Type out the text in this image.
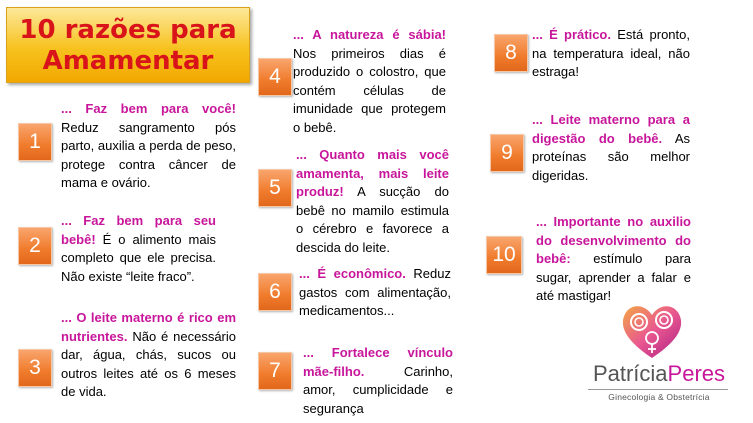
10 razões para
Amamentar
1

... Faz bem para você! Reduz sangramento pós parto, auxilia a perda de peso, protege contra câncer de mama e ovário.

2

... Faz bem para seu bebê! É o alimento mais completo que ele precisa. Não existe “leite fraco”.

3

... O leite materno é rico em nutrientes. Não é necessário dar, água, chás, sucos ou outros leites até os 6 meses de vida.

4

... A natureza é sábia! Nos primeiros dias é produzido o colostro, que contém células de imunidade que protegem o bebê.

5

... Quanto mais você amamenta, mais leite produz! A sucção do bebê no mamilo estimula o cérebro e favorece a descida do leite.

6

... É econômico. Reduz gastos com alimentação, medicamentos...

7

... Fortalece vínculo mãe-filho. Carinho, amor, cumplicidade e segurança

8

... É prático. Está pronto, na temperatura ideal, não estraga!

9

... Leite materno para a digestão do bebê. As proteínas são melhor digeridas.

10

... Importante no auxilio do desenvolvimento do bebê: estímulo para sugar, aprender a falar e até mastigar!

PatríciaPeres
Ginecologia & Obstetrícia
